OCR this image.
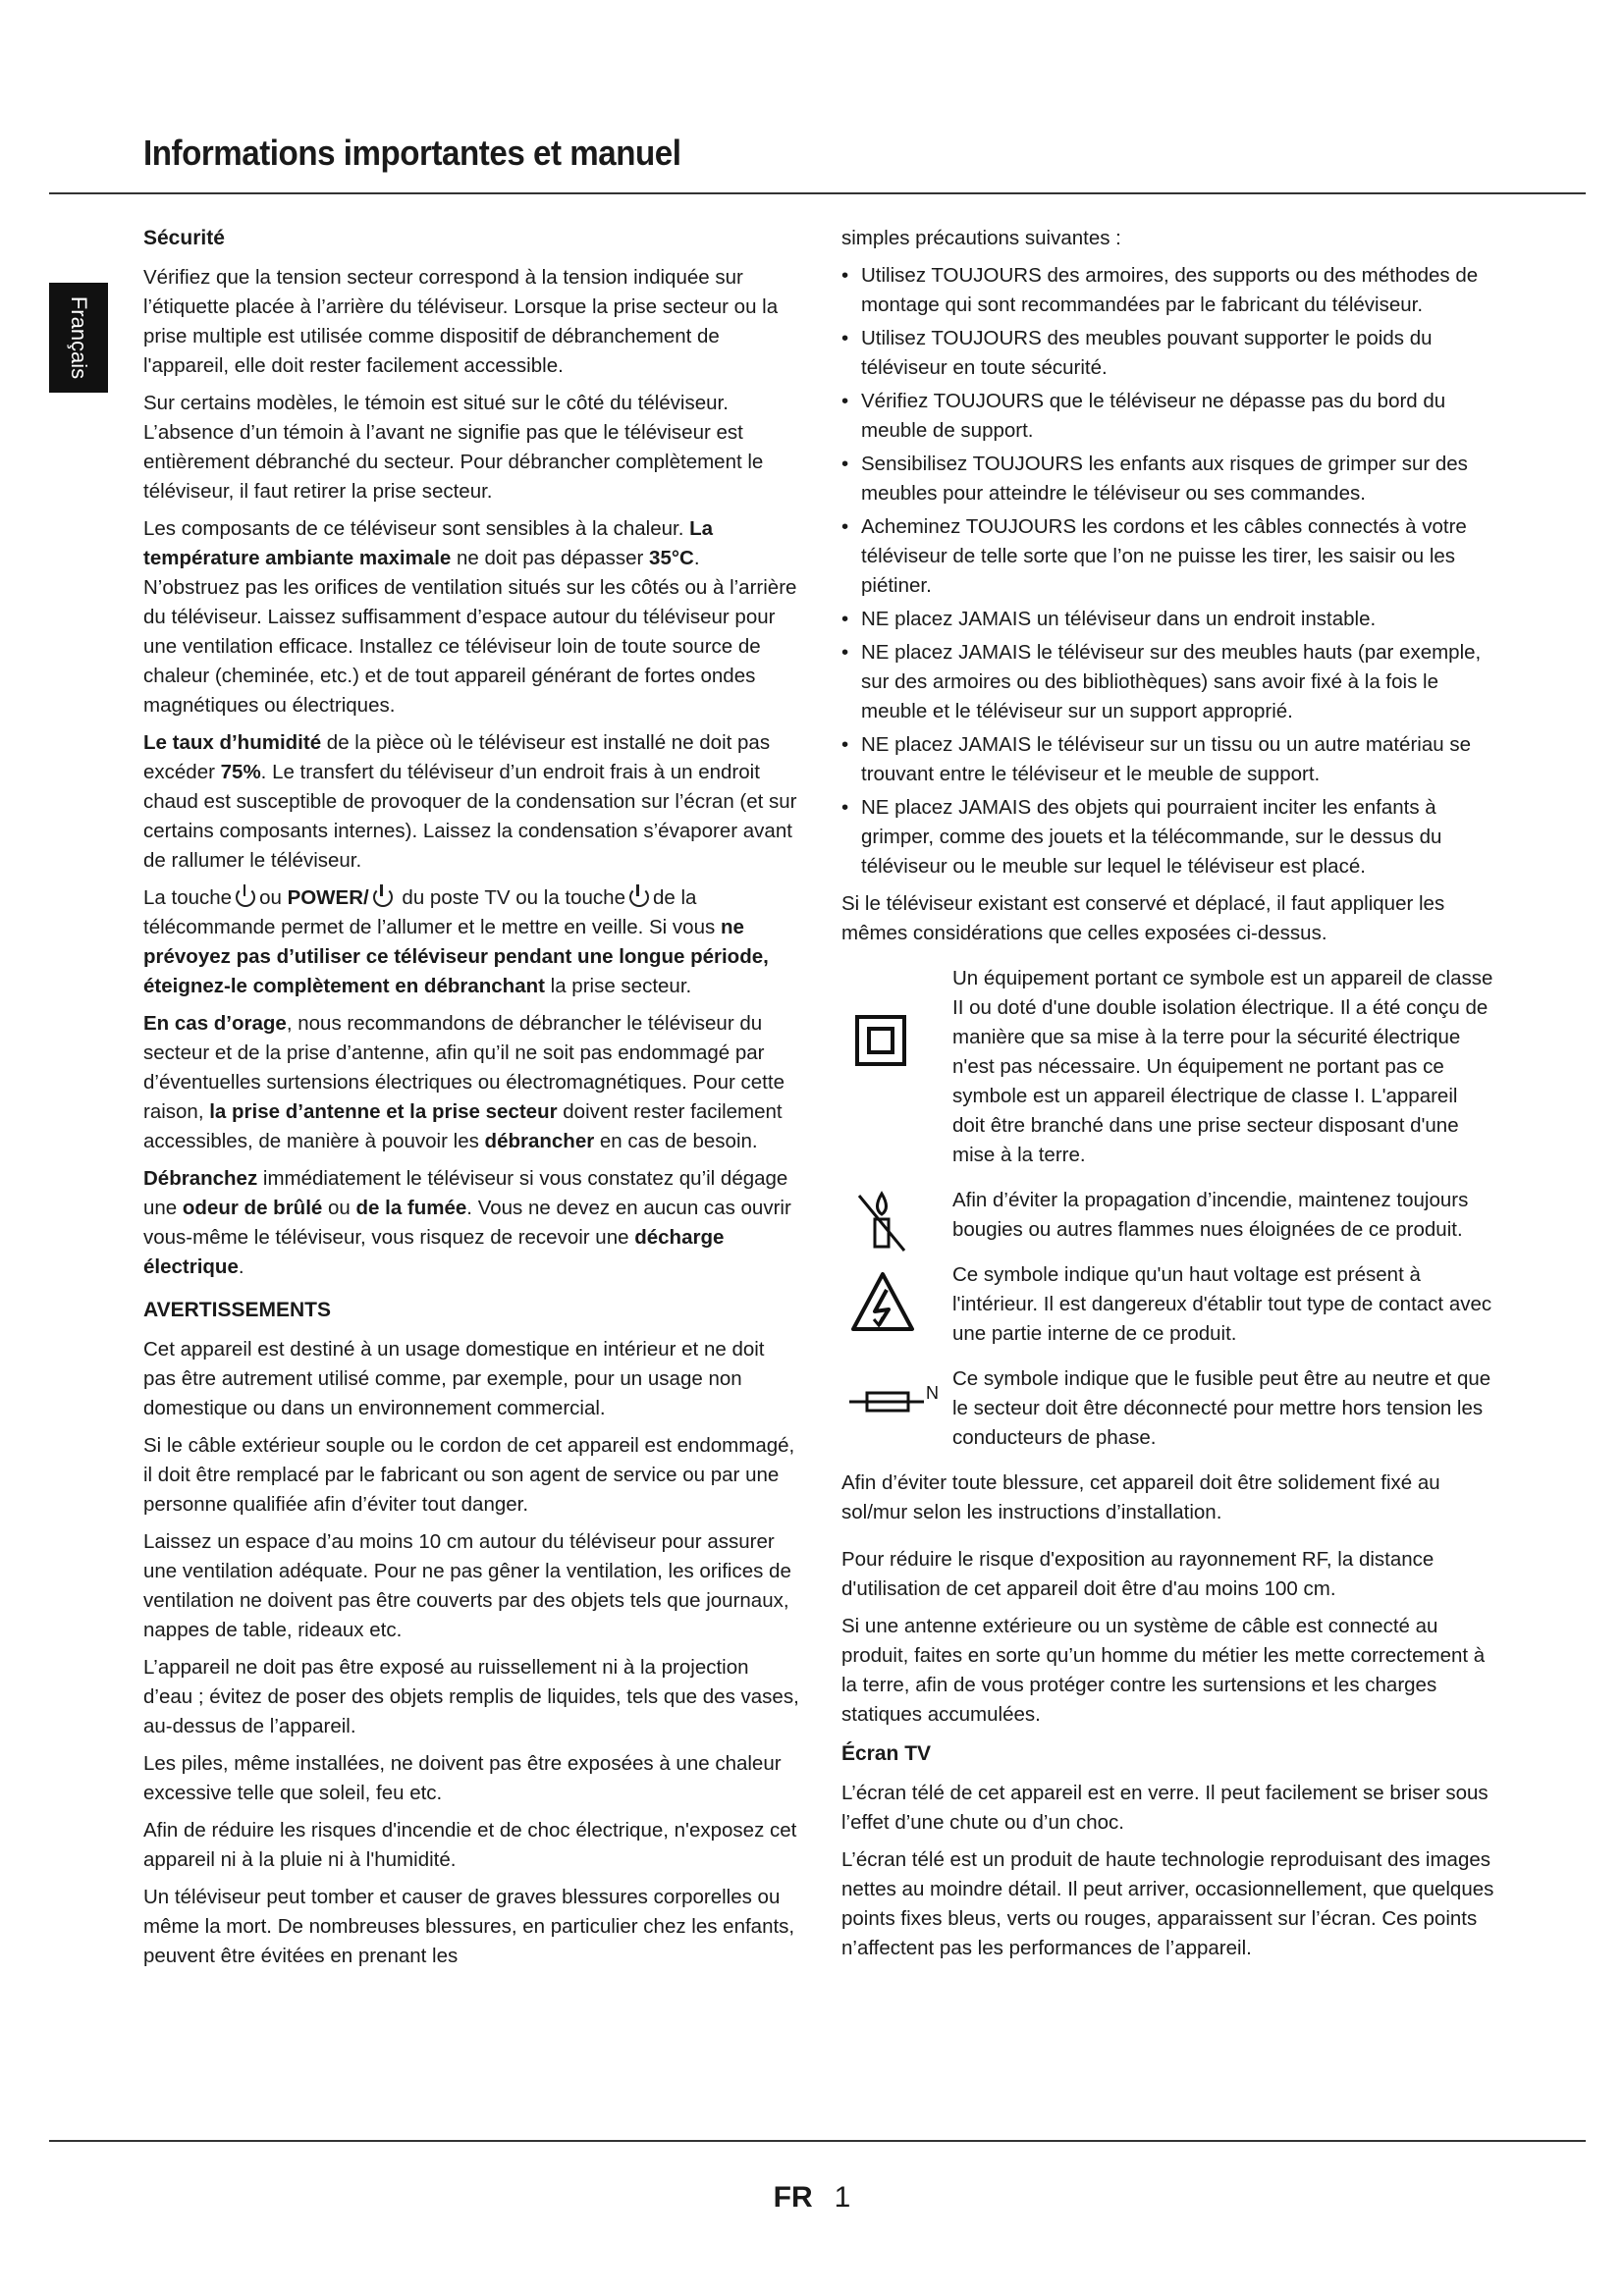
Informations importantes et manuel
Français
Sécurité

Vérifiez que la tension secteur correspond à la tension indiquée sur l’étiquette placée à l’arrière du téléviseur. Lorsque la prise secteur ou la prise multiple est utilisée comme dispositif de débranchement de l'appareil, elle doit rester facilement accessible.

Sur certains modèles, le témoin est situé sur le côté du téléviseur. L’absence d’un témoin à l’avant ne signifie pas que le téléviseur est entièrement débranché du secteur. Pour débrancher complètement le téléviseur, il faut retirer la prise secteur.

Les composants de ce téléviseur sont sensibles à la chaleur. La température ambiante maximale ne doit pas dépasser 35°C. N’obstruez pas les orifices de ventilation situés sur les côtés ou à l’arrière du téléviseur. Laissez suffisamment d’espace autour du téléviseur pour une ventilation efficace. Installez ce téléviseur loin de toute source de chaleur (cheminée, etc.) et de tout appareil générant de fortes ondes magnétiques ou électriques.

Le taux d’humidité de la pièce où le téléviseur est installé ne doit pas excéder 75%. Le transfert du téléviseur d’un endroit frais à un endroit chaud est susceptible de provoquer de la condensation sur l’écran (et sur certains composants internes). Laissez la condensation s’évaporer avant de rallumer le téléviseur.

La touche ou POWER/ du poste TV ou la touche de la télécommande permet de l’allumer et le mettre en veille. Si vous ne prévoyez pas d’utiliser ce téléviseur pendant une longue période, éteignez-le complètement en débranchant la prise secteur.

En cas d’orage, nous recommandons de débrancher le téléviseur du secteur et de la prise d’antenne, afin qu’il ne soit pas endommagé par d’éventuelles surtensions électriques ou électromagnétiques. Pour cette raison, la prise d’antenne et la prise secteur doivent rester facilement accessibles, de manière à pouvoir les débrancher en cas de besoin.

Débranchez immédiatement le téléviseur si vous constatez qu’il dégage une odeur de brûlé ou de la fumée. Vous ne devez en aucun cas ouvrir vous-même le téléviseur, vous risquez de recevoir une décharge électrique.

AVERTISSEMENTS

Cet appareil est destiné à un usage domestique en intérieur et ne doit pas être autrement utilisé comme, par exemple, pour un usage non domestique ou dans un environnement commercial.

Si le câble extérieur souple ou le cordon de cet appareil est endommagé, il doit être remplacé par le fabricant ou son agent de service ou par une personne qualifiée afin d’éviter tout danger.

Laissez un espace d’au moins 10 cm autour du téléviseur pour assurer une ventilation adéquate. Pour ne pas gêner la ventilation, les orifices de ventilation ne doivent pas être couverts par des objets tels que journaux, nappes de table, rideaux etc.

L’appareil ne doit pas être exposé au ruissellement ni à la projection d’eau ; évitez de poser des objets remplis de liquides, tels que des vases, au-dessus de l’appareil.

Les piles, même installées, ne doivent pas être exposées à une chaleur excessive telle que soleil, feu etc.

Afin de réduire les risques d'incendie et de choc électrique, n'exposez cet appareil ni à la pluie ni à l'humidité.

Un téléviseur peut tomber et causer de graves blessures corporelles ou même la mort. De nombreuses blessures, en particulier chez les enfants, peuvent être évitées en prenant les

simples précautions suivantes :

• Utilisez TOUJOURS des armoires, des supports ou des méthodes de montage qui sont recommandées par le fabricant du téléviseur.
• Utilisez TOUJOURS des meubles pouvant supporter le poids du téléviseur en toute sécurité.
• Vérifiez TOUJOURS que le téléviseur ne dépasse pas du bord du meuble de support.
• Sensibilisez TOUJOURS les enfants aux risques de grimper sur des meubles pour atteindre le téléviseur ou ses commandes.
• Acheminez TOUJOURS les cordons et les câbles connectés à votre téléviseur de telle sorte que l’on ne puisse les tirer, les saisir ou les piétiner.
• NE placez JAMAIS un téléviseur dans un endroit instable.
• NE placez JAMAIS le téléviseur sur des meubles hauts (par exemple, sur des armoires ou des bibliothèques) sans avoir fixé à la fois le meuble et le téléviseur sur un support approprié.
• NE placez JAMAIS le téléviseur sur un tissu ou un autre matériau se trouvant entre le téléviseur et le meuble de support.
• NE placez JAMAIS des objets qui pourraient inciter les enfants à grimper, comme des jouets et la télécommande, sur le dessus du téléviseur ou le meuble sur lequel le téléviseur est placé.

Si le téléviseur existant est conservé et déplacé, il faut appliquer les mêmes considérations que celles exposées ci-dessus.

Un équipement portant ce symbole est un appareil de classe II ou doté d'une double isolation électrique. Il a été conçu de manière que sa mise à la terre pour la sécurité électrique n'est pas nécessaire. Un équipement ne portant pas ce symbole est un appareil électrique de classe I. L'appareil doit être branché dans une prise secteur disposant d'une mise à la terre.

Afin d’éviter la propagation d’incendie, maintenez toujours bougies ou autres flammes nues éloignées de ce produit.

Ce symbole indique qu'un haut voltage est présent à l'intérieur. Il est dangereux d'établir tout type de contact avec une partie interne de ce produit.

N

Ce symbole indique que le fusible peut être au neutre et que le secteur doit être déconnecté pour mettre hors tension les conducteurs de phase.

Afin d’éviter toute blessure, cet appareil doit être solidement fixé au sol/mur selon les instructions d’installation.

Pour réduire le risque d'exposition au rayonnement RF, la distance d'utilisation de cet appareil doit être d'au moins 100 cm.

Si une antenne extérieure ou un système de câble est connecté au produit, faites en sorte qu’un homme du métier les mette correctement à la terre, afin de vous protéger contre les surtensions et les charges statiques accumulées.

Écran TV

L’écran télé de cet appareil est en verre. Il peut facilement se briser sous l’effet d’une chute ou d’un choc.

L’écran télé est un produit de haute technologie reproduisant des images nettes au moindre détail. Il peut arriver, occasionnellement, que quelques points fixes bleus, verts ou rouges, apparaissent sur l’écran. Ces points n’affectent pas les performances de l’appareil.

FR 1
